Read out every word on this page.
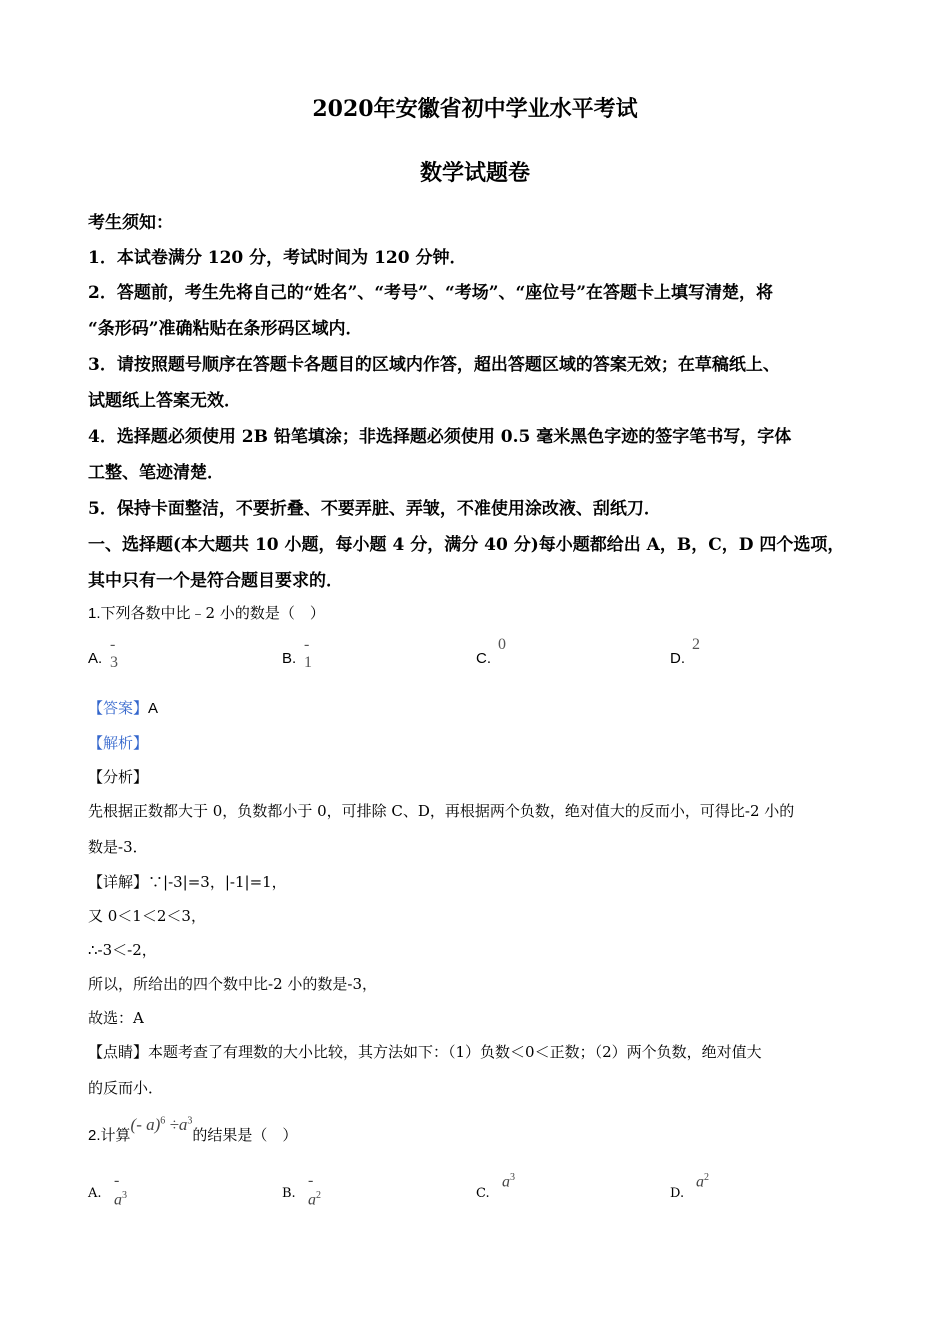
2020年安徽省初中学业水平考试
数学试题卷
考生须知：
1．本试卷满分 120 分，考试时间为 120 分钟．
2．答题前，考生先将自己的“姓名”、“考号”、“考场”、“座位号”在答题卡上填写清楚，将
“条形码”准确粘贴在条形码区域内．
3．请按照题号顺序在答题卡各题目的区域内作答，超出答题区域的答案无效；在草稿纸上、
试题纸上答案无效．
4．选择题必须使用 2B 铅笔填涂；非选择题必须使用 0.5 毫米黑色字迹的签字笔书写，字体
工整、笔迹清楚．
5．保持卡面整洁，不要折叠、不要弄脏、弄皱，不准使用涂改液、刮纸刀．
一、选择题(本大题共 10 小题，每小题 4 分，满分 40 分)每小题都给出 A，B，C，D 四个选项，
其中只有一个是符合题目要求的．
1.下列各数中比﹣2 小的数是（　）
A.
- 3	B.
- 1	C.
0
D.
2
【答案】A
【解析】
【分析】
先根据正数都大于 0，负数都小于 0，可排除 C、D，再根据两个负数，绝对值大的反而小，可得比-2 小的
数是-3．
【详解】∵|-3|=3，|-1|=1，
又 0＜1＜2＜3，
∴-3＜-2，
所以，所给出的四个数中比-2 小的数是-3，
故选：A
【点睛】本题考查了有理数的大小比较，其方法如下：（1）负数＜0＜正数；（2）两个负数，绝对值大
的反而小．
2.计算(- $a)^6 \div a^3$的结果是（　）
A.
- $a^3$	B.
- $a^2$	C.
$a^3$
D.
$a^2$
